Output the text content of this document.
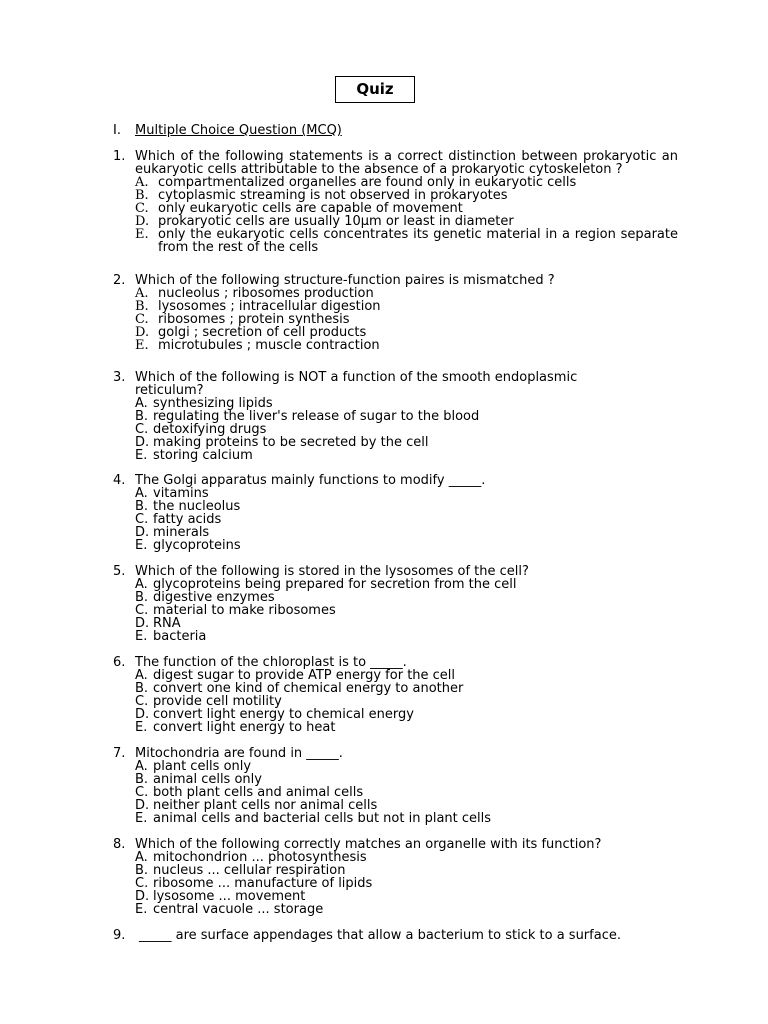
Quiz
I. Multiple Choice Question (MCQ)
1. Which of the following statements is a correct distinction between prokaryotic an eukaryotic cells attributable to the absence of a prokaryotic cytoskeleton ?
A. compartmentalized organelles are found only in eukaryotic cells
B. cytoplasmic streaming is not observed in prokaryotes
C. only eukaryotic cells are capable of movement
D. prokaryotic cells are usually 10μm or least in diameter
E. only the eukaryotic cells concentrates its genetic material in a region separate from the rest of the cells
2. Which of the following structure-function paires is mismatched ?
A. nucleolus ; ribosomes production
B. lysosomes ; intracellular digestion
C. ribosomes ; protein synthesis
D. golgi ; secretion of cell products
E. microtubules ; muscle contraction
3. Which of the following is NOT a function of the smooth endoplasmic reticulum?
A. synthesizing lipids
B. regulating the liver's release of sugar to the blood
C. detoxifying drugs
D. making proteins to be secreted by the cell
E. storing calcium
4. The Golgi apparatus mainly functions to modify _____.
A. vitamins
B. the nucleolus
C. fatty acids
D. minerals
E. glycoproteins
5. Which of the following is stored in the lysosomes of the cell?
A. glycoproteins being prepared for secretion from the cell
B. digestive enzymes
C. material to make ribosomes
D. RNA
E. bacteria
6. The function of the chloroplast is to _____.
A. digest sugar to provide ATP energy for the cell
B. convert one kind of chemical energy to another
C. provide cell motility
D. convert light energy to chemical energy
E. convert light energy to heat
7. Mitochondria are found in _____.
A. plant cells only
B. animal cells only
C. both plant cells and animal cells
D. neither plant cells nor animal cells
E. animal cells and bacterial cells but not in plant cells
8. Which of the following correctly matches an organelle with its function?
A. mitochondrion ... photosynthesis
B. nucleus ... cellular respiration
C. ribosome ... manufacture of lipids
D. lysosome ... movement
E. central vacuole ... storage
9.	_____ are surface appendages that allow a bacterium to stick to a surface.
